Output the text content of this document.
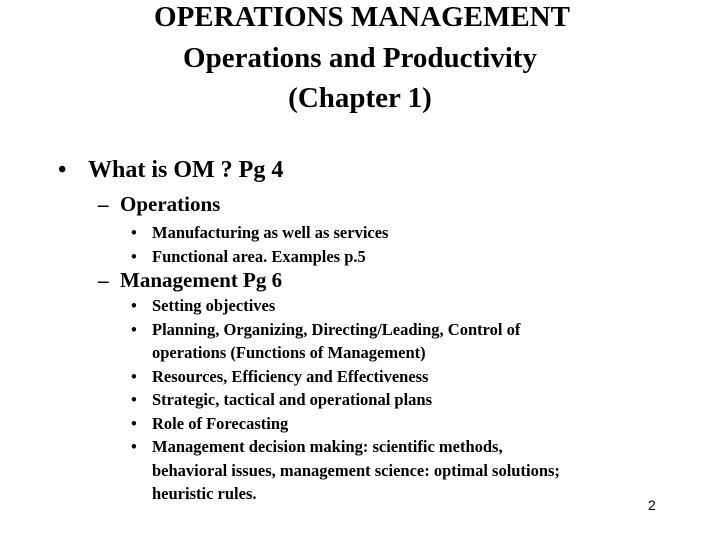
OPERATIONS MANAGEMENT
Operations and Productivity
(Chapter 1)
• What is OM ? Pg 4
– Operations
• Manufacturing as well as services
• Functional area. Examples p.5
– Management Pg 6
• Setting objectives
• Planning, Organizing, Directing/Leading, Control of
operations (Functions of Management)
• Resources, Efficiency and Effectiveness
• Strategic, tactical and operational plans
• Role of Forecasting
• Management decision making: scientific methods,
behavioral issues, management science: optimal solutions;
heuristic rules.
2
